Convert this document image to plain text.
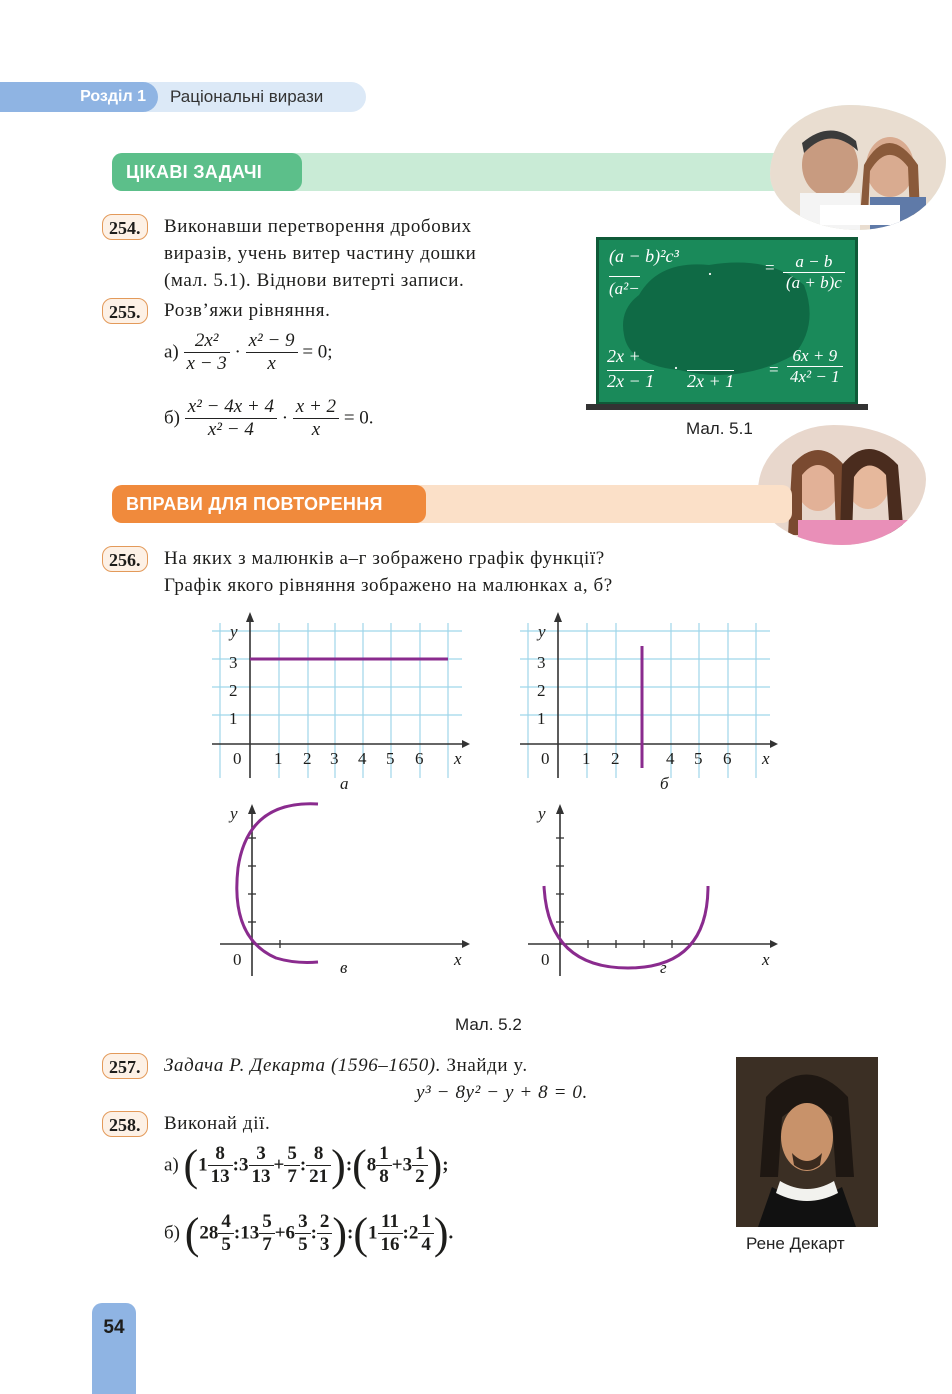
Розділ 1	Раціональні вирази
ЦІКАВІ ЗАДАЧІ
254.	Виконавши перетворення дробових
виразів, учень витер частину дошки
(мал. 5.1). Віднови витерті записи.
255.	Розв’яжи рівняння.
$а) \frac{\text{2x²}}{x - 3} \cdot \frac{\text{x² − 9}}{x} = 0$;
$б) \frac{\text{x² − 4x + 4}}{\text{x² − 4}} \cdot \frac{x + 2}{x} = 0$.
(a − b)²c³
(a²−
·	= $\frac{a - b}{(a + b)c}$
2x +
2x − 1
·
2x + 1
= $\frac{6x + 9}{\text{4x² − 1}}$
Мал. 5.1
ВПРАВИ ДЛЯ ПОВТОРЕННЯ
256.	На яких з малюнків а–г зображено графік функції?
Графік якого рівняння зображено на малюнках а, б?
y	y
y	y
3
2
1
3
2
1
0	0
0	0
1 2 3 4 5 6	1 2	4 5 6
x	x
x	x
а	б
в	г
Мал. 5.2
257.	Задача Р. Декарта (1596–1650). Знайди y.
y³ − 8y² − y + 8 = 0.
Рене Декарт
258.	Виконай дії.
а) ($1 \frac{8}{13}$ :3 $\frac{3}{13} + \frac{5}{7}$ : $\frac{8}{21}$ ):(8 $\frac{1}{8} +3 \frac{1}{2}$ );
б) ($28 \frac{4}{5}$ :13 $\frac{5}{7} +6 \frac{3}{5}$ : $\frac{2}{3}$ ):(1 $\frac{11}{16}$ :2 $\frac{1}{4}$ ).
54
